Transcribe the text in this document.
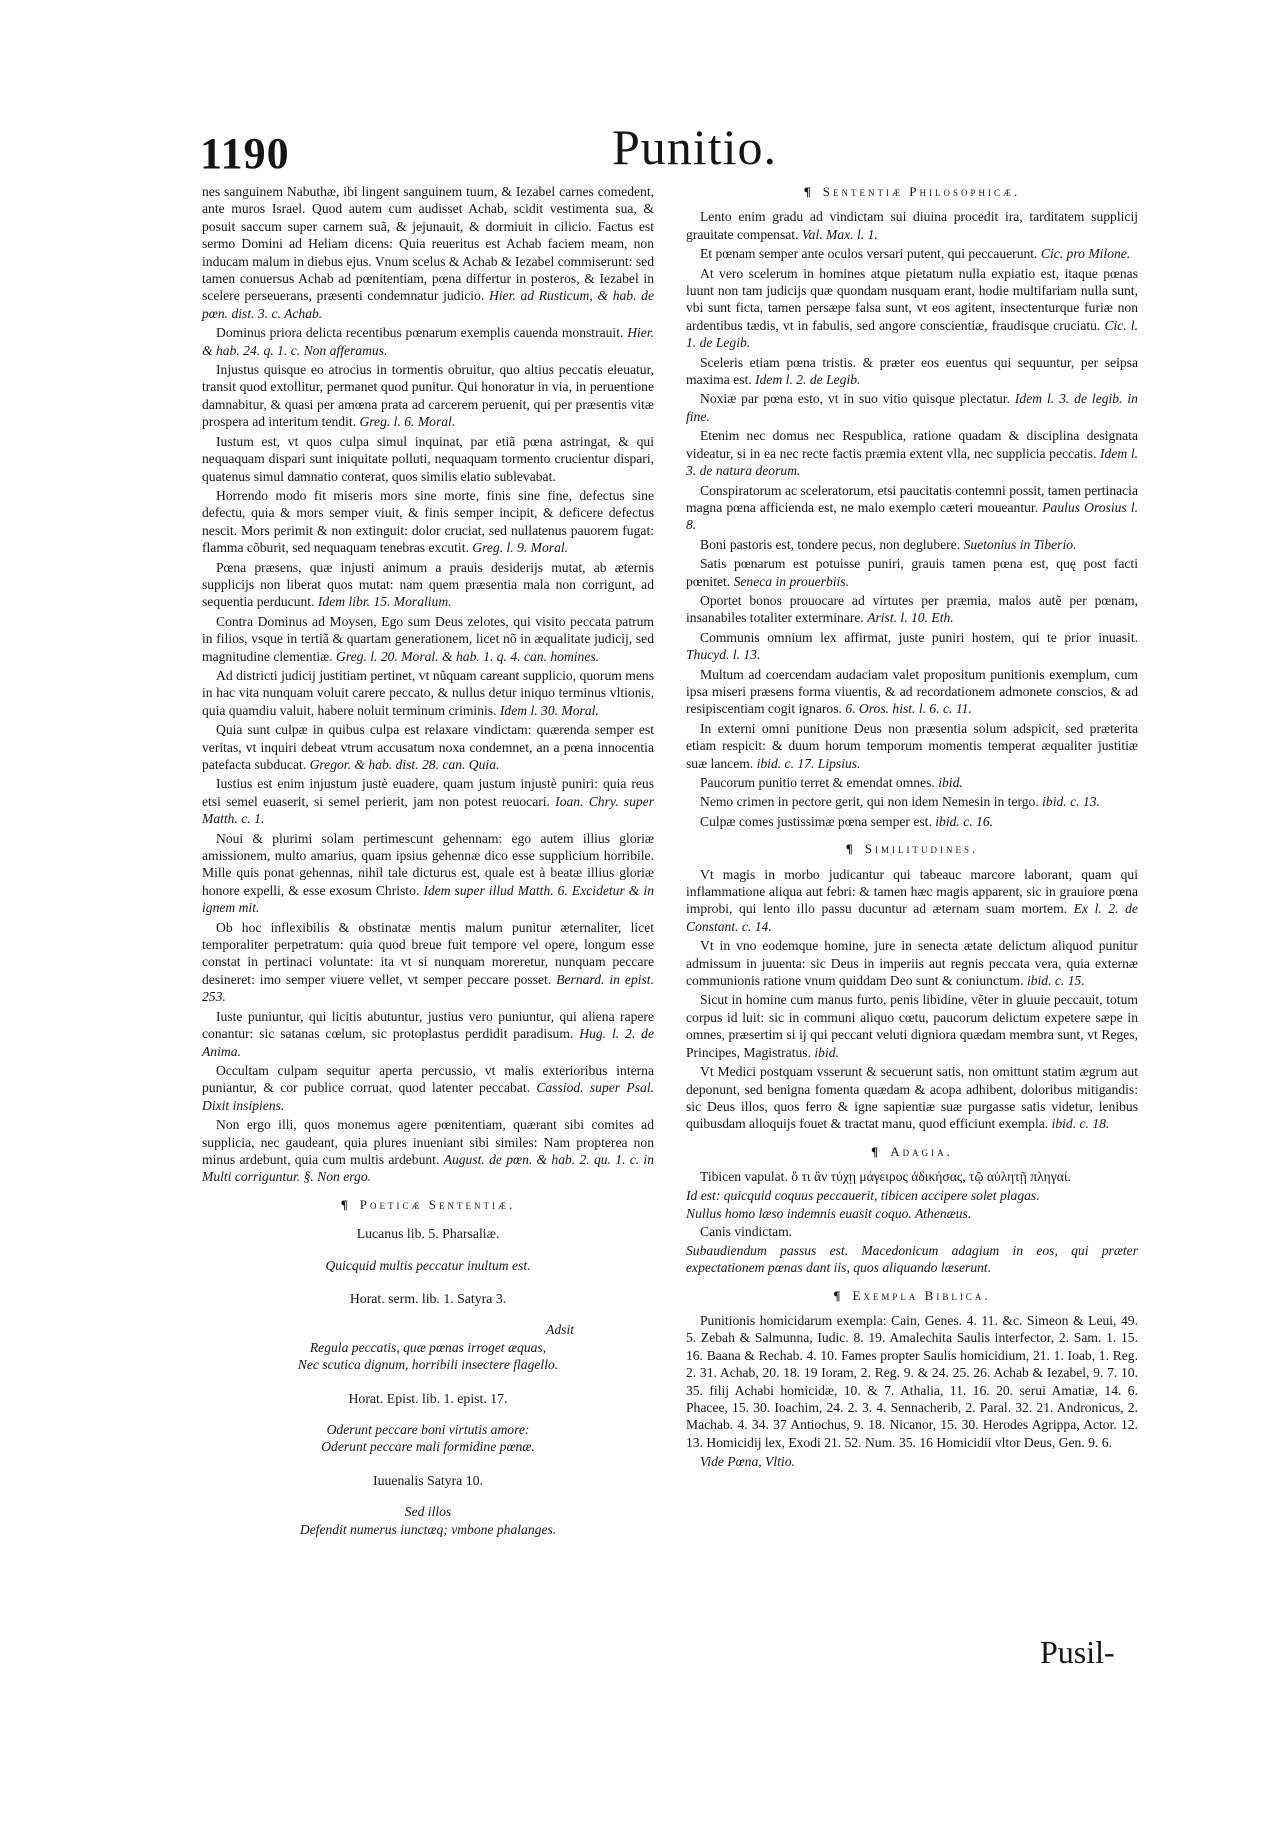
1190	Punitio.

nes sanguinem Nabuthæ, ibi lingent sanguinem tuum, & Iezabel carnes comedent, ante muros Israel. Quod autem cum audisset Achab, scidit vestimenta sua, & posuit saccum super carnem suã, & jejunauit, & dormiuit in cilicio. Factus est sermo Domini ad Heliam dicens: Quia reueritus est Achab faciem meam, non inducam malum in diebus ejus. Vnum scelus & Achab & Iezabel commiserunt: sed tamen conuersus Achab ad pœnitentiam, pœna differtur in posteros, & Iezabel in scelere perseuerans, præsenti condemnatur judicio. Hier. ad Rusticum, & hab. de pœn. dist. 3. c. Achab.

Dominus priora delicta recentibus pœnarum exemplis cauenda monstrauit. Hier. & hab. 24. q. 1. c. Non afferamus.

Injustus quisque eo atrocius in tormentis obruitur, quo altius peccatis eleuatur, transit quod extollitur, permanet quod punitur. Qui honoratur in via, in peruentione damnabitur, & quasi per amœna prata ad carcerem peruenit, qui per præsentis vitæ prospera ad interitum tendit. Greg. l. 6. Moral.

Iustum est, vt quos culpa simul inquinat, par etiã pœna astringat, & qui nequaquam dispari sunt iniquitate polluti, nequaquam tormento crucientur dispari, quatenus simul damnatio conterat, quos similis elatio sublevabat.

Horrendo modo fit miseris mors sine morte, finis sine fine, defectus sine defectu, quia & mors semper viuit, & finis semper incipit, & deficere defectus nescit. Mors perimit & non extinguit: dolor cruciat, sed nullatenus pauorem fugat: flamma cõburit, sed nequaquam tenebras excutit. Greg. l. 9. Moral.

Pœna præsens, quæ injusti animum a prauis desiderijs mutat, ab æternis supplicijs non liberat quos mutat: nam quem præsentia mala non corrigunt, ad sequentia perducunt. Idem libr. 15. Moralium.

Contra Dominus ad Moysen, Ego sum Deus zelotes, qui visito peccata patrum in filios, vsque in tertiã & quartam generationem, licet nõ in æqualitate judicij, sed magnitudine clementiæ. Greg. l. 20. Moral. & hab. 1. q. 4. can. homines.

Ad districti judicij justitiam pertinet, vt nũquam careant supplicio, quorum mens in hac vita nunquam voluit carere peccato, & nullus detur iniquo terminus vltionis, quia quamdiu valuit, habere noluit terminum criminis. Idem l. 30. Moral.

Quia sunt culpæ in quibus culpa est relaxare vindictam: quærenda semper est veritas, vt inquiri debeat vtrum accusatum noxa condemnet, an a pœna innocentia patefacta subducat. Gregor. & hab. dist. 28. can. Quia.

Iustius est enim injustum justè euadere, quam justum injustè puniri: quia reus etsi semel euaserit, si semel perierit, jam non potest reuocari. Ioan. Chry. super Matth. c. 1.

Noui & plurimi solam pertimescunt gehennam: ego autem illius gloriæ amissionem, multo amarius, quam ipsius gehennæ dico esse supplicium horribile. Mille quis ponat gehennas, nihil tale dicturus est, quale est à beatæ illius gloriæ honore expelli, & esse exosum Christo. Idem super illud Matth. 6. Excidetur & in ignem mit.

Ob hoc inflexibilis & obstinatæ mentis malum punitur æternaliter, licet temporaliter perpetratum: quia quod breue fuit tempore vel opere, longum esse constat in pertinaci voluntate: ita vt si nunquam moreretur, nunquam peccare desineret: imo semper viuere vellet, vt semper peccare posset. Bernard. in epist. 253.

Iuste puniuntur, qui licitis abutuntur, justius vero puniuntur, qui aliena rapere conantur: sic satanas cœlum, sic protoplastus perdidit paradisum. Hug. l. 2. de Anima.

Occultam culpam sequitur aperta percussio, vt malis exterioribus interna puniantur, & cor publice corruat, quod latenter peccabat. Cassiod. super Psal. Dixit insipiens.

Non ergo illi, quos monemus agere pœnitentiam, quærant sibi comites ad supplicia, nec gaudeant, quia plures inueniant sibi similes: Nam propterea non minus ardebunt, quia cum multis ardebunt. August. de pœn. & hab. 2. qu. 1. c. in Multi corriguntur. §. Non ergo.

¶ Poeticæ Sententiæ.
Lucanus lib. 5. Pharsaliæ.
Quicquid multis peccatur inultum est.
Horat. serm. lib. 1. Satyra 3.
Adsit
Regula peccatis, quæ pœnas irroget æquas,
Nec scutica dignum, horribili insectere flagello.
Horat. Epist. lib. 1. epist. 17.
Oderunt peccare boni virtutis amore:
Oderunt peccare mali formidine pœnæ.
Iuuenalis Satyra 10.
Sed illos
Defendit numerus iunctæq; vmbone phalanges.
¶ Sententiæ Philosophicæ.

Lento enim gradu ad vindictam sui diuina procedit ira, tarditatem supplicij grauitate compensat. Val. Max. l. 1.

Et pœnam semper ante oculos versari putent, qui peccauerunt. Cic. pro Milone.

At vero scelerum in homines atque pietatum nulla expiatio est, itaque pœnas luunt non tam judicijs quæ quondam nusquam erant, hodie multifariam nulla sunt, vbi sunt ficta, tamen persæpe falsa sunt, vt eos agitent, insectenturque furiæ non ardentibus tædis, vt in fabulis, sed angore conscientiæ, fraudisque cruciatu. Cic. l. 1. de Legib.

Sceleris etiam pœna tristis. & præter eos euentus qui sequuntur, per seipsa maxima est. Idem l. 2. de Legib.

Noxiæ par pœna esto, vt in suo vitio quisque plectatur. Idem l. 3. de legib. in fine.

Etenim nec domus nec Respublica, ratione quadam & disciplina designata videatur, si in ea nec recte factis præmia extent vlla, nec supplicia peccatis. Idem l. 3. de natura deorum.

Conspiratorum ac sceleratorum, etsi paucitatis contemni possit, tamen pertinacia magna pœna afficienda est, ne malo exemplo cæteri moueantur. Paulus Orosius l. 8.

Boni pastoris est, tondere pecus, non deglubere. Suetonius in Tiberio.

Satis pœnarum est potuisse puniri, grauis tamen pœna est, quę post facti pœnitet. Seneca in prouerbiis.

Oportet bonos prouocare ad virtutes per præmia, malos autẽ per pœnam, insanabiles totaliter exterminare. Arist. l. 10. Eth.

Communis omnium lex affirmat, juste puniri hostem, qui te prior inuasit. Thucyd. l. 13.

Multum ad coercendam audaciam valet propositum punitionis exemplum, cum ipsa miseri præsens forma viuentis, & ad recordationem admonete conscios, & ad resipiscentiam cogit ignaros. 6. Oros. hist. l. 6. c. 11.

In externi omni punitione Deus non præsentia solum adspicit, sed præterita etiam respicit: & duum horum temporum momentis temperat æqualiter justitiæ suæ lancem. ibid. c. 17. Lipsius.

Paucorum punitio terret & emendat omnes. ibid.

Nemo crimen in pectore gerit, qui non idem Nemesin in tergo. ibid. c. 13.

Culpæ comes justissimæ pœna semper est. ibid. c. 16.

¶ Similitudines.

Vt magis in morbo judicantur qui tabeauc marcore laborant, quam qui inflammatione aliqua aut febri: & tamen hæc magis apparent, sic in grauiore pœna improbi, qui lento illo passu ducuntur ad æternam suam mortem. Ex l. 2. de Constant. c. 14.

Vt in vno eodemque homine, jure in senecta ætate delictum aliquod punitur admissum in juuenta: sic Deus in imperiis aut regnis peccata vera, quia externæ communionis ratione vnum quiddam Deo sunt & coniunctum. ibid. c. 15.

Sicut in homine cum manus furto, penis libidine, vẽter in gluuie peccauit, totum corpus id luit: sic in communi aliquo cœtu, paucorum delictum expetere sæpe in omnes, præsertim si ij qui peccant veluti digniora quædam membra sunt, vt Reges, Principes, Magistratus. ibid.

Vt Medici postquam vsserunt & secuerunt satis, non omittunt statim ægrum aut deponunt, sed benigna fomenta quædam & acopa adhibent, doloribus mitigandis: sic Deus illos, quos ferro & igne sapientiæ suæ purgasse satis videtur, lenibus quibusdam alloquijs fouet & tractat manu, quod efficiunt exempla. ibid. c. 18.

¶ Adagia.

Tibicen vapulat. ὅ τι ἂν τύχῃ μάγειρος ἀδικήσας, τῷ αὐλητῇ πληγαί.

Id est: quicquid coquus peccauerit, tibicen accipere solet plagas.

Nullus homo læso indemnis euasit coquo. Athenæus.

Canis vindictam.

Subaudiendum passus est. Macedonicum adagium in eos, qui præter expectationem pœnas dant iis, quos aliquando læserunt.

¶ Exempla Biblica.

Punitionis homicidarum exempla: Cain, Genes. 4. 11. &c. Simeon & Leui, 49. 5. Zebah & Salmunna, Iudic. 8. 19. Amalechita Saulis interfector, 2. Sam. 1. 15. 16. Baana & Rechab. 4. 10. Fames propter Saulis homicidium, 21. 1. Ioab, 1. Reg. 2. 31. Achab, 20. 18. 19 Ioram, 2. Reg. 9. & 24. 25. 26. Achab & Iezabel, 9. 7. 10. 35. filij Achabi homicidæ, 10. & 7. Athalia, 11. 16. 20. serui Amatiæ, 14. 6. Phacee, 15. 30. Ioachim, 24. 2. 3. 4. Sennacherib, 2. Paral. 32. 21. Andronicus, 2. Machab. 4. 34. 37 Antiochus, 9. 18. Nicanor, 15. 30. Herodes Agrippa, Actor. 12. 13. Homicidij lex, Exodi 21. 52. Num. 35. 16 Homicidii vltor Deus, Gen. 9. 6.

Vide Pœna, Vltio.

Pusil-
